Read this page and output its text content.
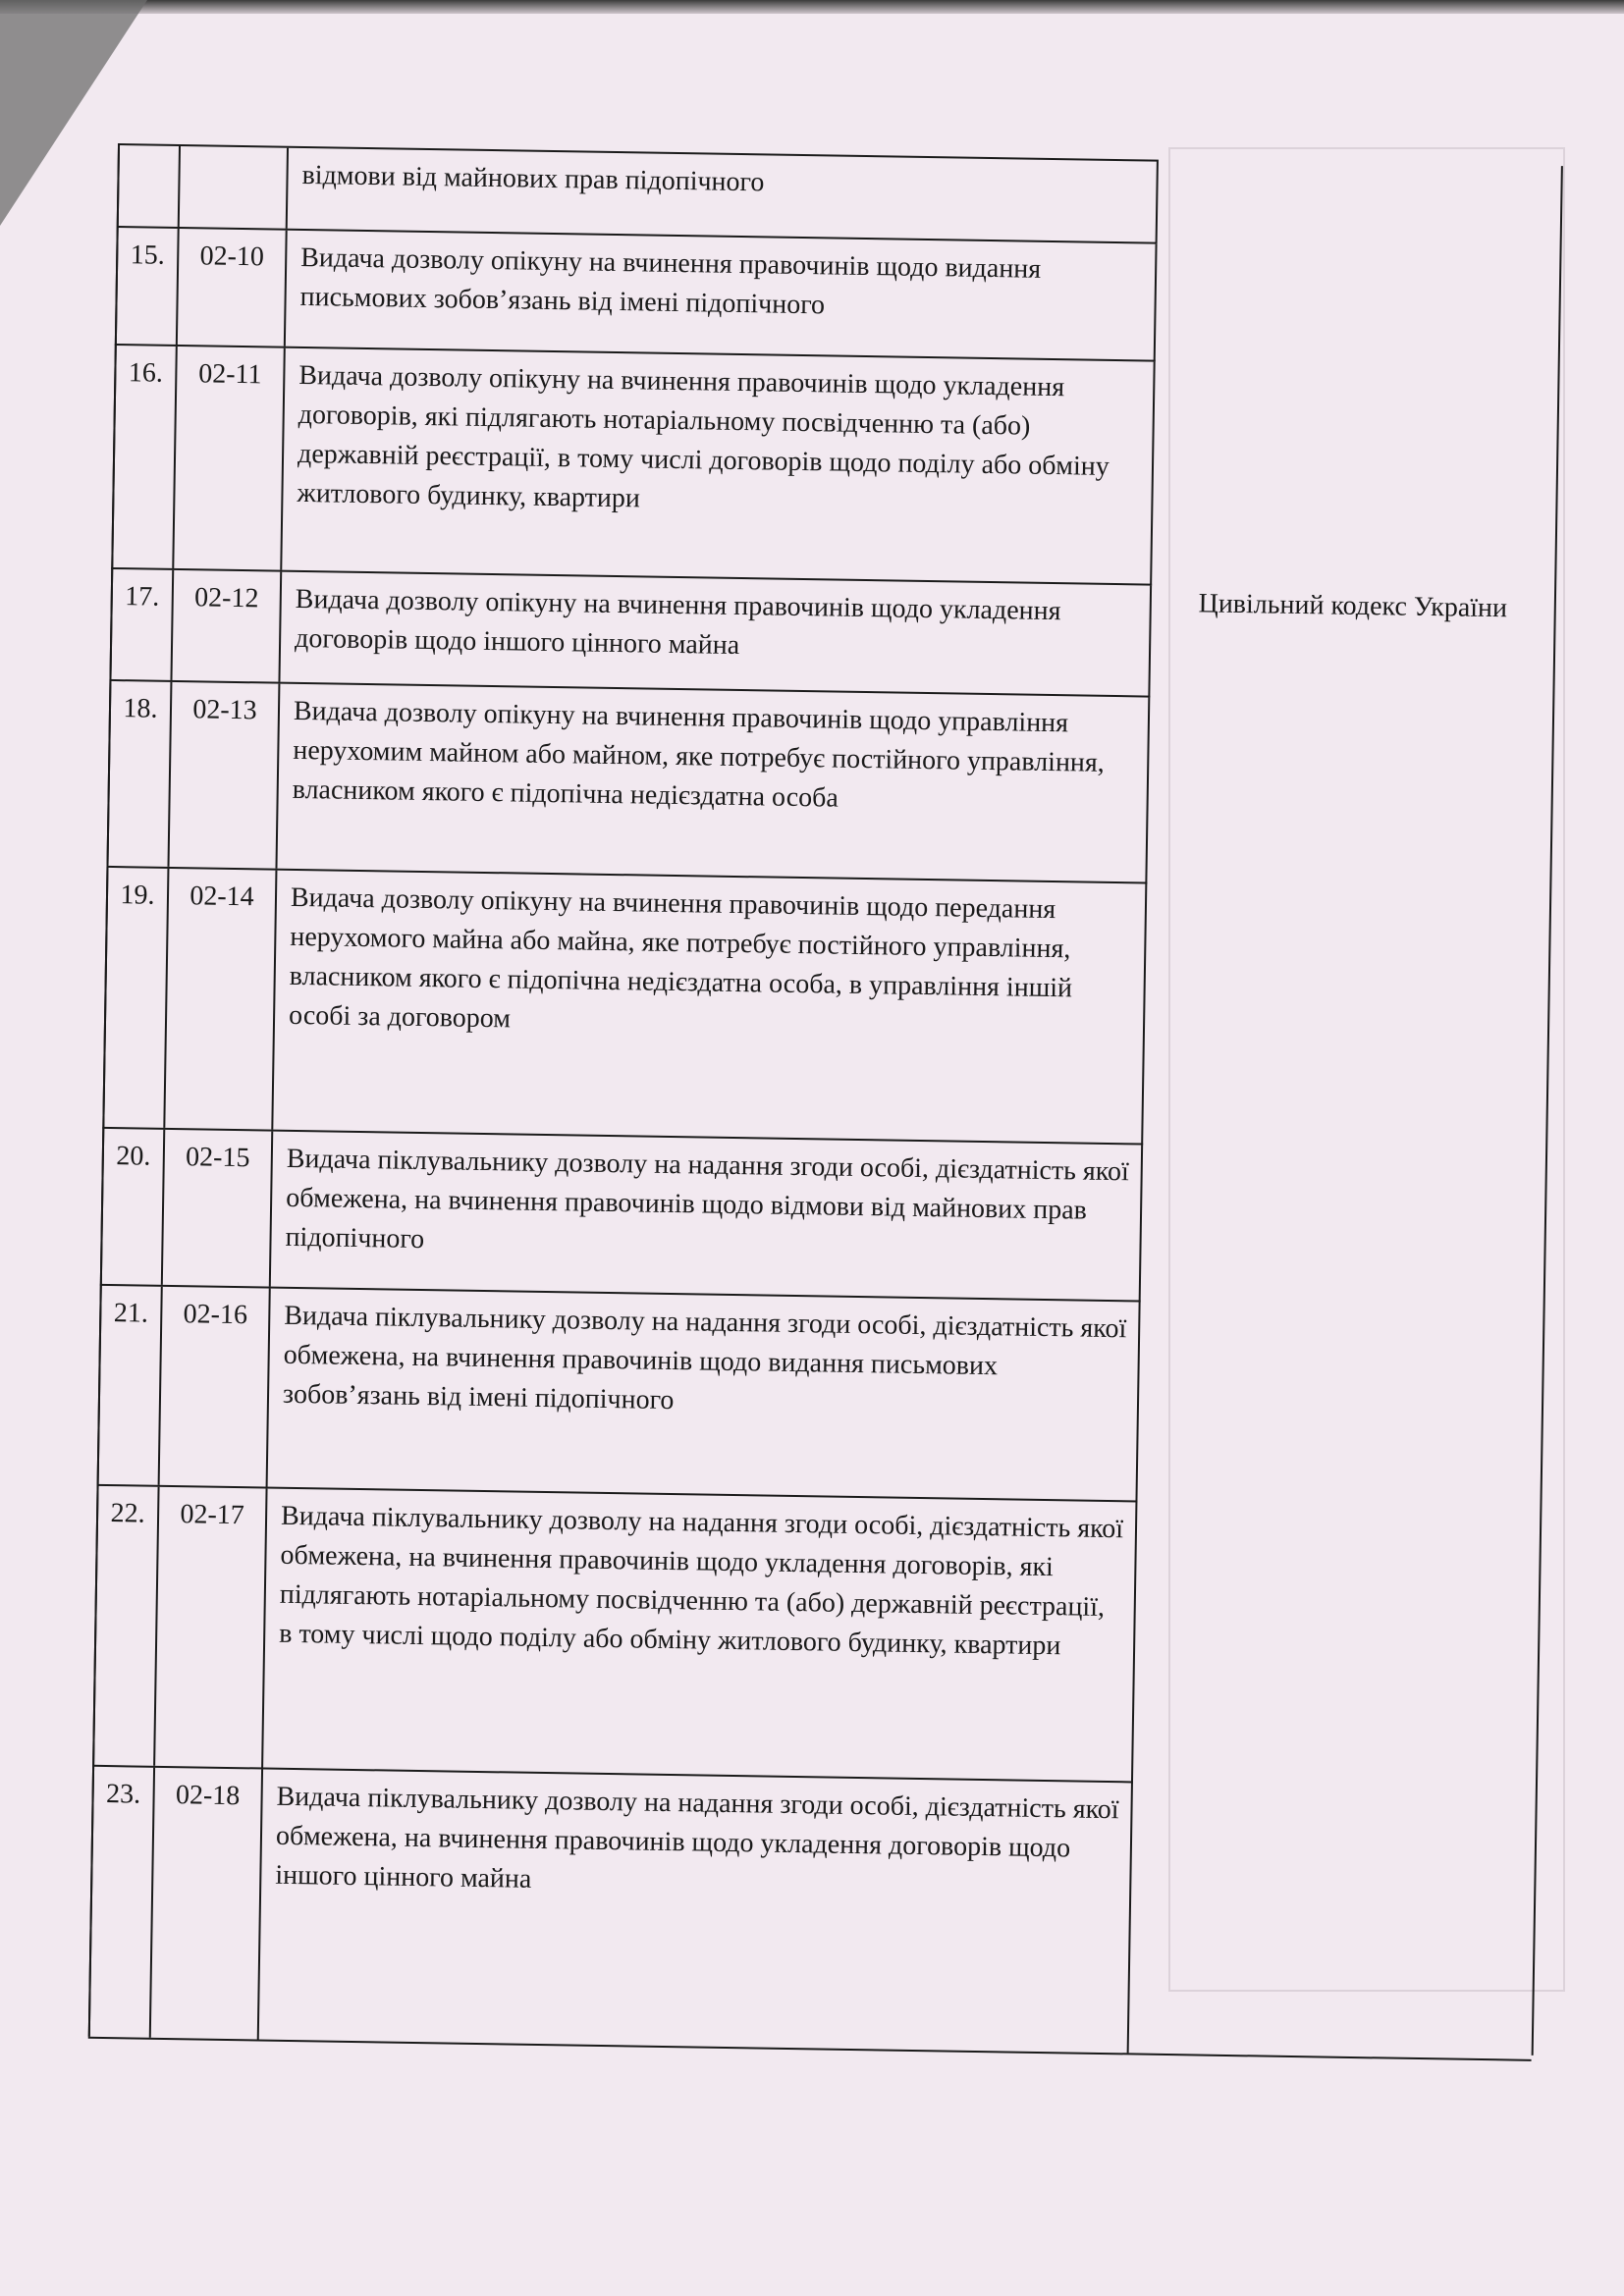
відмови від майнових прав підопічного
15.	02-10	Видача дозволу опікуну на вчинення правочинів щодо видання письмових зобов’язань від імені підопічного
16.	02-11	Видача дозволу опікуну на вчинення правочинів щодо укладення договорів, які підлягають нотаріальному посвідченню та (або) державній реєстрації, в тому числі договорів щодо поділу або обміну житлового будинку, квартири
17.	02-12	Видача дозволу опікуну на вчинення правочинів щодо укладення договорів щодо іншого цінного майна
18.	02-13	Видача дозволу опікуну на вчинення правочинів щодо управління нерухомим майном або майном, яке потребує постійного управління, власником якого є підопічна недієздатна особа
19.	02-14	Видача дозволу опікуну на вчинення правочинів щодо передання нерухомого майна або майна, яке потребує постійного управління, власником якого є підопічна недієздатна особа, в управління іншій особі за договором
20.	02-15	Видача піклувальнику дозволу на надання згоди особі, дієздатність якої обмежена, на вчинення правочинів щодо відмови від майнових прав підопічного
21.	02-16	Видача піклувальнику дозволу на надання згоди особі, дієздатність якої обмежена, на вчинення правочинів щодо видання письмових зобов’язань від імені підопічного
22.	02-17	Видача піклувальнику дозволу на надання згоди особі, дієздатність якої обмежена, на вчинення правочинів щодо укладення договорів, які підлягають нотаріальному посвідченню та (або) державній реєстрації, в тому числі щодо поділу або обміну житлового будинку, квартири
23.	02-18	Видача піклувальнику дозволу на надання згоди особі, дієздатність якої обмежена, на вчинення правочинів щодо укладення договорів щодо іншого цінного майна
Цивільний кодекс України
